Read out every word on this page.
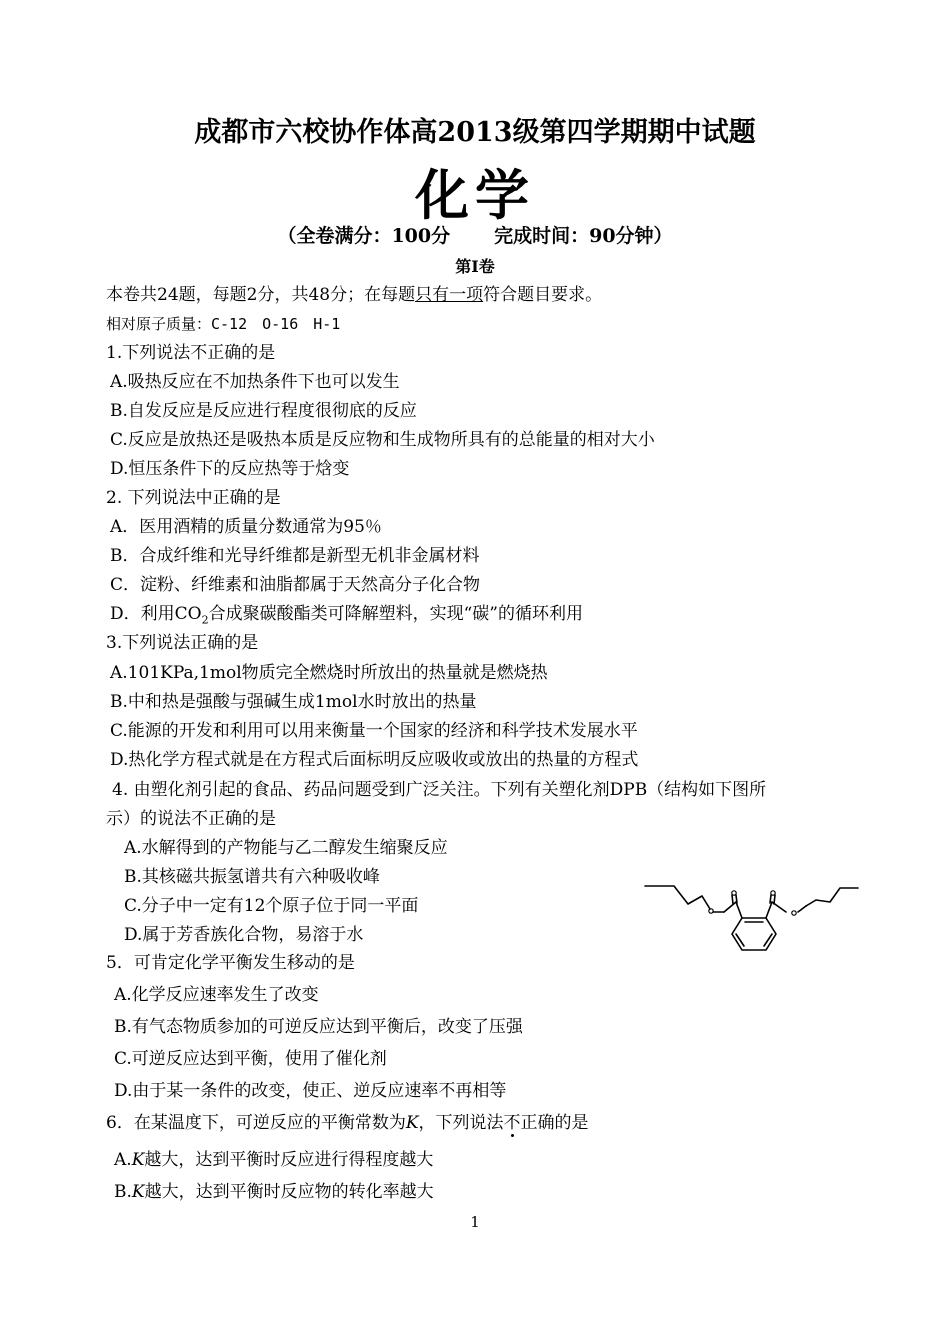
成都市六校协作体高2013级第四学期期中试题
化学
（全卷满分：100分 完成时间：90分钟）
第Ⅰ卷
本卷共24题，每题2分，共48分；在每题只有一项符合题目要求。
相对原子质量：C-12　O-16　H-1
1.下列说法不正确的是
A.吸热反应在不加热条件下也可以发生
B.自发反应是反应进行程度很彻底的反应
C.反应是放热还是吸热本质是反应物和生成物所具有的总能量的相对大小
D.恒压条件下的反应热等于焓变
2. 下列说法中正确的是
A．医用酒精的质量分数通常为95％
B．合成纤维和光导纤维都是新型无机非金属材料
C．淀粉、纤维素和油脂都属于天然高分子化合物
D．利用$CO_2$合成聚碳酸酯类可降解塑料，实现“碳”的循环利用
3.下列说法正确的是
A.101KPa,1mol物质完全燃烧时所放出的热量就是燃烧热
B.中和热是强酸与强碱生成1mol水时放出的热量
C.能源的开发和利用可以用来衡量一个国家的经济和科学技术发展水平
D.热化学方程式就是在方程式后面标明反应吸收或放出的热量的方程式
4. 由塑化剂引起的食品、药品问题受到广泛关注。下列有关塑化剂DPB（结构如下图所
示）的说法不正确的是
A.水解得到的产物能与乙二醇发生缩聚反应
B.其核磁共振氢谱共有六种吸收峰
C.分子中一定有12个原子位于同一平面
D.属于芳香族化合物，易溶于水
5．可肯定化学平衡发生移动的是
A.化学反应速率发生了改变
B.有气态物质参加的可逆反应达到平衡后，改变了压强
C.可逆反应达到平衡，使用了催化剂
D.由于某一条件的改变，使正、逆反应速率不再相等
6．在某温度下，可逆反应的平衡常数为K，下列说法不正确的是
A.K越大，达到平衡时反应进行得程度越大
B.K越大，达到平衡时反应物的转化率越大
1
